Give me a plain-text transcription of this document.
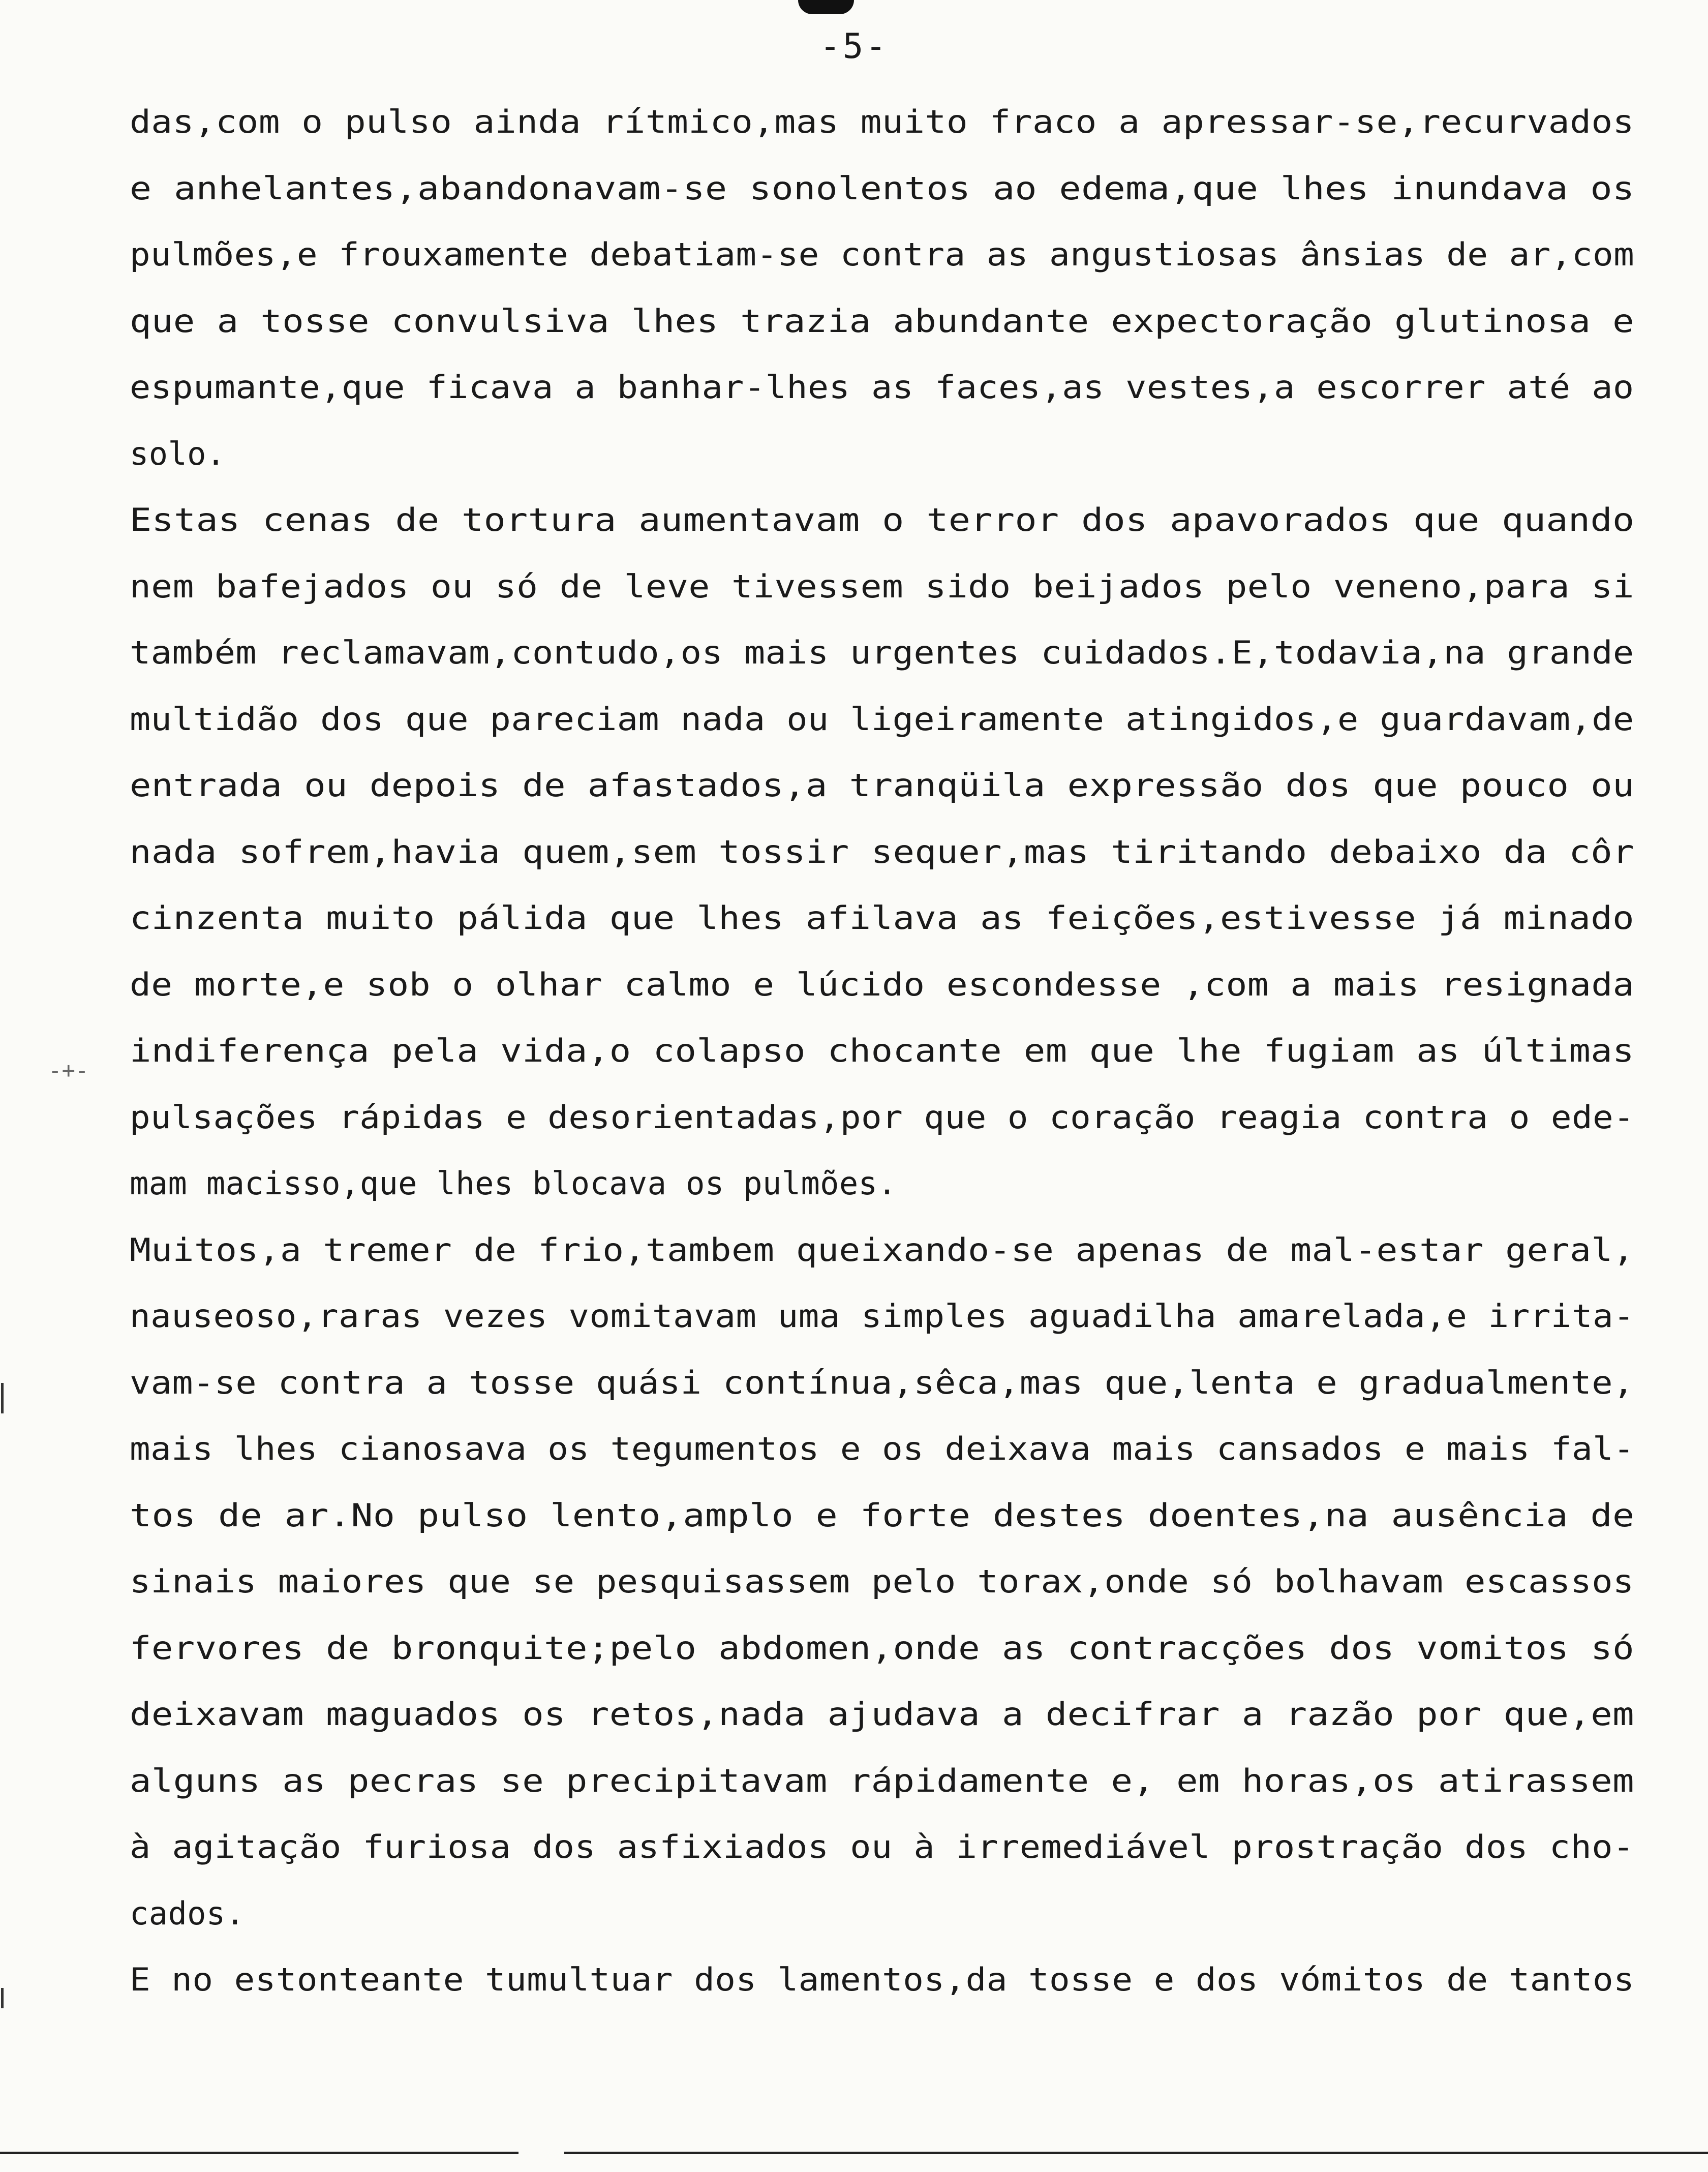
-5-
-+-
das,com o pulso ainda rítmico,mas muito fraco a apressar-se,recurvados
e anhelantes,abandonavam-se sonolentos ao edema,que lhes inundava os
pulmões,e frouxamente debatiam-se contra as angustiosas ânsias de ar,com
que a tosse convulsiva lhes trazia abundante expectoração glutinosa e
espumante,que ficava a banhar-lhes as faces,as vestes,a escorrer até ao
solo.
Estas cenas de tortura aumentavam o terror dos apavorados que quando
nem bafejados ou só de leve tivessem sido beijados pelo veneno,para si
também reclamavam,contudo,os mais urgentes cuidados.E,todavia,na grande
multidão dos que pareciam nada ou ligeiramente atingidos,e guardavam,de
entrada ou depois de afastados,a tranqüila expressão dos que pouco ou
nada sofrem,havia quem,sem tossir sequer,mas tiritando debaixo da côr
cinzenta muito pálida que lhes afilava as feições,estivesse já minado
de morte,e sob o olhar calmo e lúcido escondesse ,com a mais resignada
indiferença pela vida,o colapso chocante em que lhe fugiam as últimas
pulsações rápidas e desorientadas,por que o coração reagia contra o ede-
mam macisso,que lhes blocava os pulmões.
Muitos,a tremer de frio,tambem queixando-se apenas de mal-estar geral,
nauseoso,raras vezes vomitavam uma simples aguadilha amarelada,e irrita-
vam-se contra a tosse quási contínua,sêca,mas que,lenta e gradualmente,
mais lhes cianosava os tegumentos e os deixava mais cansados e mais fal-
tos de ar.No pulso lento,amplo e forte destes doentes,na ausência de
sinais maiores que se pesquisassem pelo torax,onde só bolhavam escassos
fervores de bronquite;pelo abdomen,onde as contracções dos vomitos só
deixavam maguados os retos,nada ajudava a decifrar a razão por que,em
alguns as pecras se precipitavam rápidamente e, em horas,os atirassem
à agitação furiosa dos asfixiados ou à irremediável prostração dos cho-
cados.
E no estonteante tumultuar dos lamentos,da tosse e dos vómitos de tantos
